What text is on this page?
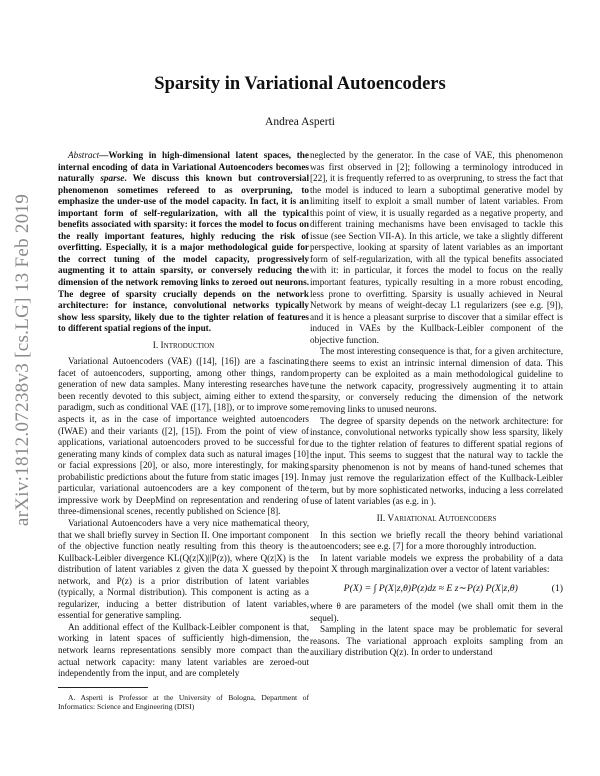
arXiv:1812.07238v3 [cs.LG] 13 Feb 2019
Sparsity in Variational Autoencoders
Andrea Asperti

Abstract—Working in high-dimensional latent spaces, the internal encoding of data in Variational Autoencoders becomes naturally sparse. We discuss this known but controversial phenomenon sometimes refereed to as overpruning, to emphasize the under-use of the model capacity. In fact, it is an important form of self-regularization, with all the typical benefits associated with sparsity: it forces the model to focus on the really important features, highly reducing the risk of overfitting. Especially, it is a major methodological guide for the correct tuning of the model capacity, progressively augmenting it to attain sparsity, or conversely reducing the dimension of the network removing links to zeroed out neurons. The degree of sparsity crucially depends on the network architecture: for instance, convolutional networks typically show less sparsity, likely due to the tighter relation of features to different spatial regions of the input.

I. Introduction

Variational Autoencoders (VAE) ([14], [16]) are a fascinating facet of autoencoders, supporting, among other things, random generation of new data samples. Many interesting researches have been recently devoted to this subject, aiming either to extend the paradigm, such as conditional VAE ([17], [18]), or to improve some aspects it, as in the case of importance weighted autoencoders (IWAE) and their variants ([2], [15]). From the point of view of applications, variational autoencoders proved to be successful for generating many kinds of complex data such as natural images [10] or facial expressions [20], or also, more interestingly, for making probabilistic predictions about the future from static images [19]. In particular, variational autoencoders are a key component of the impressive work by DeepMind on representation and rendering of three-dimensional scenes, recently published on Science [8].

Variational Autoencoders have a very nice mathematical theory, that we shall briefly survey in Section II. One important component of the objective function neatly resulting from this theory is the Kullback-Leibler divergence KL(Q(z|X)||P(z)), where Q(z|X) is the distribution of latent variables z given the data X guessed by the network, and P(z) is a prior distribution of latent variables (typically, a Normal distribution). This component is acting as a regularizer, inducing a better distribution of latent variables, essential for generative sampling.

An additional effect of the Kullback-Leibler component is that, working in latent spaces of sufficiently high-dimension, the network learns representations sensibly more compact than the actual network capacity: many latent variables are zeroed-out independently from the input, and are completely

A. Asperti is Professor at the University of Bologna, Department of Informatics: Science and Engineering (DISI)

neglected by the generator. In the case of VAE, this phenomenon was first observed in [2]; following a terminology introduced in [22], it is frequently referred to as overpruning, to stress the fact that the model is induced to learn a suboptimal generative model by limiting itself to exploit a small number of latent variables. From this point of view, it is usually regarded as a negative property, and different training mechanisms have been envisaged to tackle this issue (see Section VII-A). In this article, we take a slightly different perspective, looking at sparsity of latent variables as an important form of self-regularization, with all the typical benefits associated with it: in particular, it forces the model to focus on the really important features, typically resulting in a more robust encoding, less prone to overfitting. Sparsity is usually achieved in Neural Network by means of weight-decay L1 regularizers (see e.g. [9]), and it is hence a pleasant surprise to discover that a similar effect is induced in VAEs by the Kullback-Leibler component of the objective function.

The most interesting consequence is that, for a given architecture, there seems to exist an intrinsic internal dimension of data. This property can be exploited as a main methodological guideline to tune the network capacity, progressively augmenting it to attain sparsity, or conversely reducing the dimension of the network removing links to unused neurons.

The degree of sparsity depends on the network architecture: for instance, convolutional networks typically show less sparsity, likely due to the tighter relation of features to different spatial regions of the input. This seems to suggest that the natural way to tackle the sparsity phenomenon is not by means of hand-tuned schemes that may just remove the regularization effect of the Kullback-Leibler term, but by more sophisticated networks, inducing a less correlated use of latent variables (as e.g. in ).

II. Variational Autoencoders

In this section we briefly recall the theory behind variational autoencoders; see e.g. [7] for a more thoroughly introduction.

In latent variable models we express the probability of a data point X through marginalization over a vector of latent variables:

P(X) = ∫ P(X|z,θ)P(z)dz ≈ E z∼P(z) P(X|z,θ)	(1)

where θ are parameters of the model (we shall omit them in the sequel).

Sampling in the latent space may be problematic for several reasons. The variational approach exploits sampling from an auxiliary distribution Q(z). In order to understand
